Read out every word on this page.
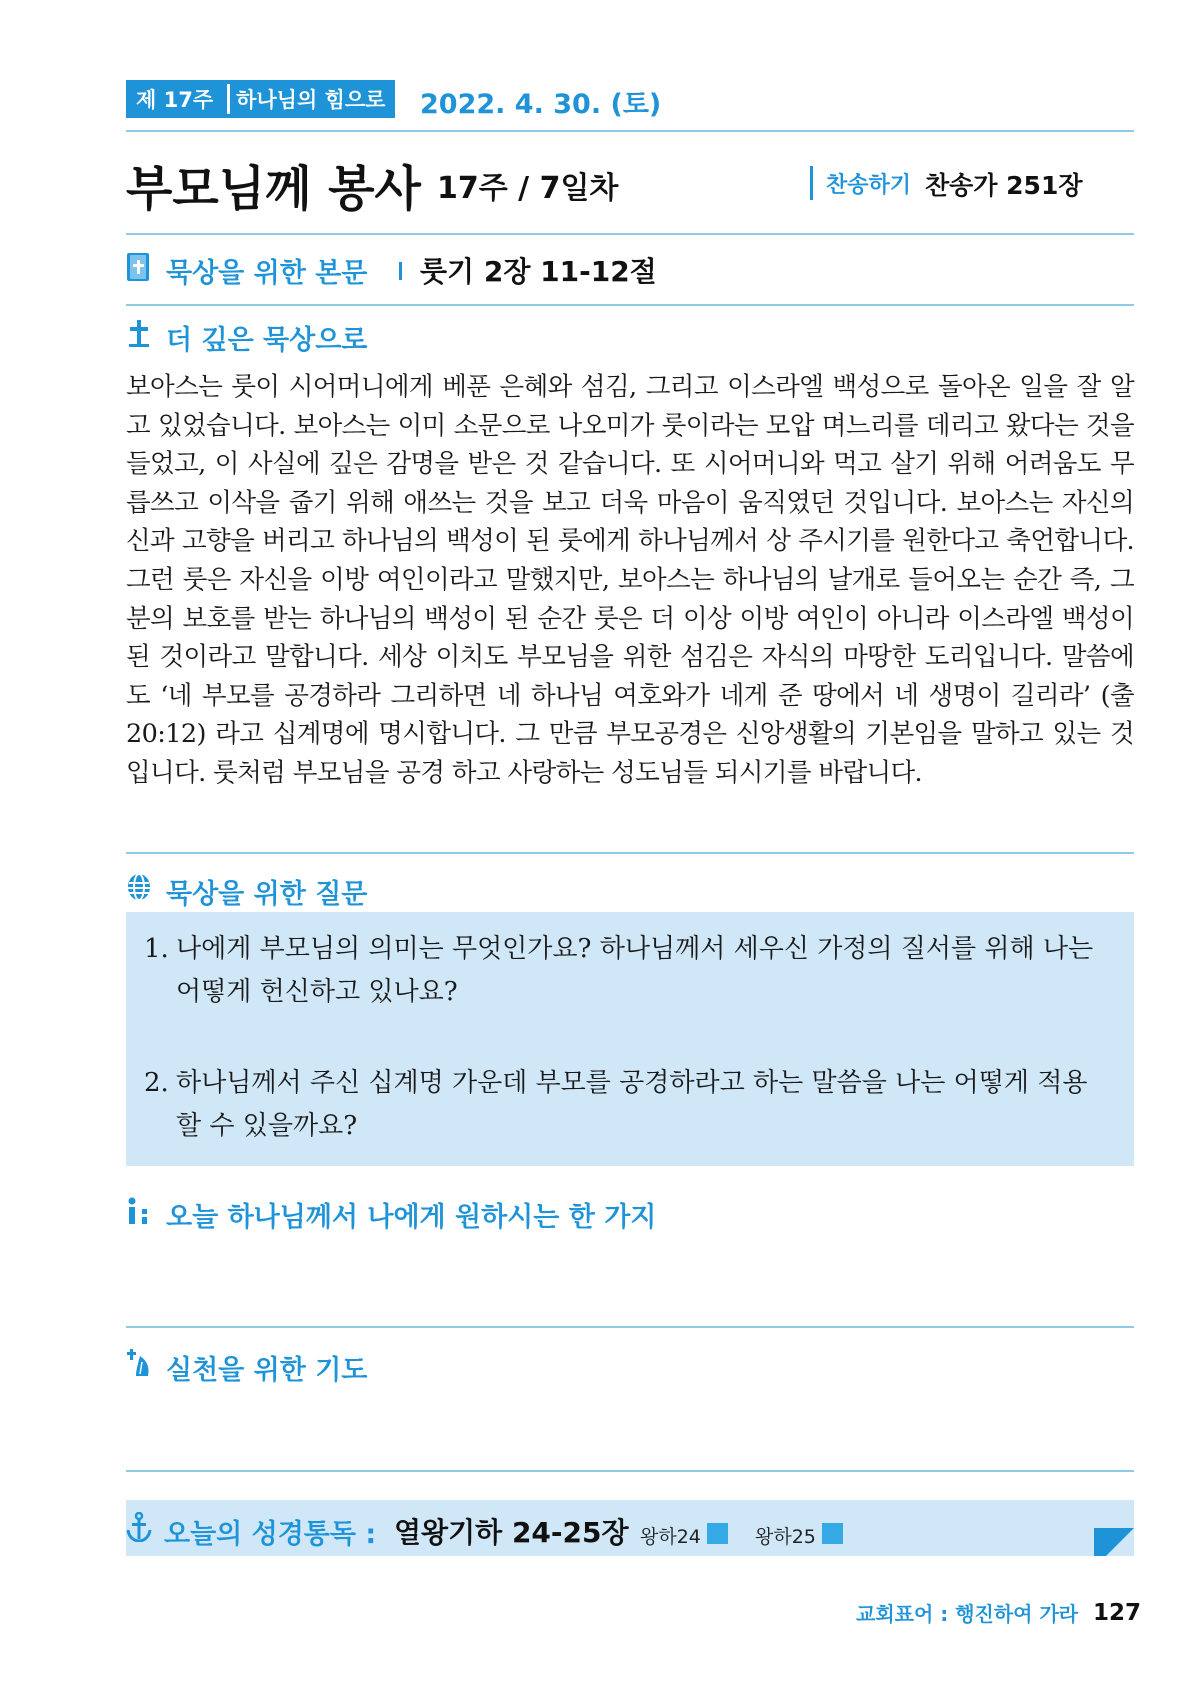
제 17주	하나님의 힘으로	2022. 4. 30. (토)
부모님께 봉사 17주 / 7일차	찬송하기 찬송가 251장
묵상을 위한 본문 룻기 2장 11-12절
더 깊은 묵상으로
보아스는 룻이 시어머니에게 베푼 은혜와 섬김, 그리고 이스라엘 백성으로 돌아온 일을 잘 알고 있었습니다. 보아스는 이미 소문으로 나오미가 룻이라는 모압 며느리를 데리고 왔다는 것을 들었고, 이 사실에 깊은 감명을 받은 것 같습니다. 또 시어머니와 먹고 살기 위해 어려움도 무릅쓰고 이삭을 줍기 위해 애쓰는 것을 보고 더욱 마음이 움직였던 것입니다. 보아스는 자신의 신과 고향을 버리고 하나님의 백성이 된 룻에게 하나님께서 상 주시기를 원한다고 축언합니다. 그런 룻은 자신을 이방 여인이라고 말했지만, 보아스는 하나님의 날개로 들어오는 순간 즉, 그 분의 보호를 받는 하나님의 백성이 된 순간 룻은 더 이상 이방 여인이 아니라 이스라엘 백성이 된 것이라고 말합니다. 세상 이치도 부모님을 위한 섬김은 자식의 마땅한 도리입니다. 말씀에도 ‘네 부모를 공경하라 그리하면 네 하나님 여호와가 네게 준 땅에서 네 생명이 길리라’ (출20:12) 라고 십계명에 명시합니다. 그 만큼 부모공경은 신앙생활의 기본임을 말하고 있는 것입니다. 룻처럼 부모님을 공경 하고 사랑하는 성도님들 되시기를 바랍니다.
묵상을 위한 질문
1. 나에게 부모님의 의미는 무엇인가요? 하나님께서 세우신 가정의 질서를 위해 나는 어떻게 헌신하고 있나요?
2. 하나님께서 주신 십계명 가운데 부모를 공경하라고 하는 말씀을 나는 어떻게 적용할 수 있을까요?
오늘 하나님께서 나에게 원하시는 한 가지
실천을 위한 기도
오늘의 성경통독 : 열왕기하 24-25장 왕하24	왕하25
교회표어 : 행진하여 가라 127
